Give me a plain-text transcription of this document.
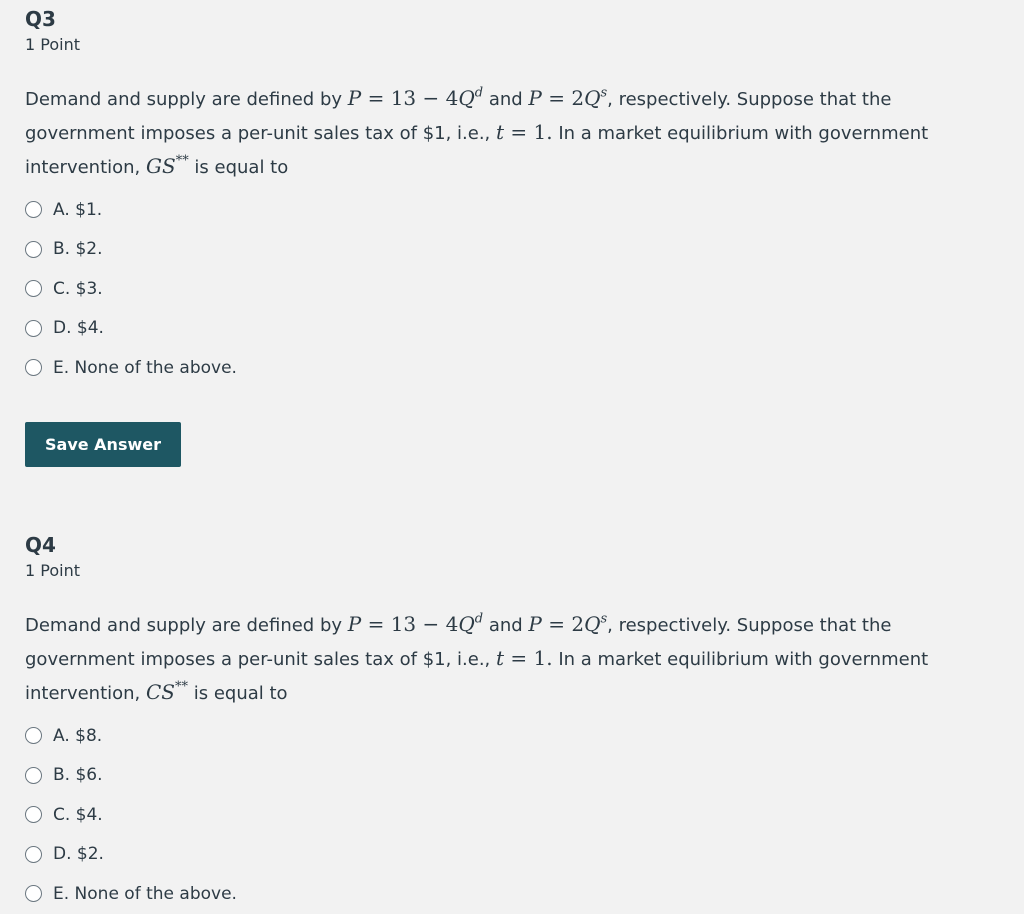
Q3
1 Point
Demand and supply are defined by $P = 13 - 4Q^d$ and $P = 2Q^s$, respectively. Suppose that the government imposes a per-unit sales tax of $1, i.e., t = 1. In a market equilibrium with government intervention, GS** is equal to
A. $1.
B. $2.
C. $3.
D. $4.
E. None of the above.
Save Answer
Q4
1 Point
Demand and supply are defined by $P = 13 - 4Q^d$ and $P = 2Q^s$, respectively. Suppose that the government imposes a per-unit sales tax of $1, i.e., t = 1. In a market equilibrium with government intervention, CS** is equal to
A. $8.
B. $6.
C. $4.
D. $2.
E. None of the above.
